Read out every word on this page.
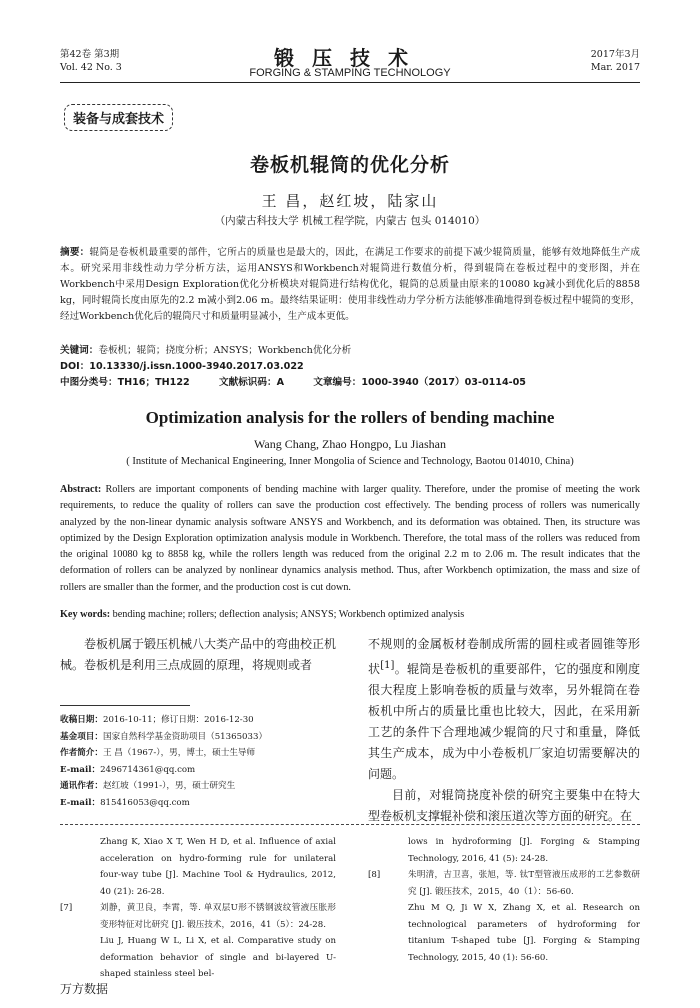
第42卷 第3期
Vol. 42 No. 3	锻压技术
FORGING & STAMPING TECHNOLOGY
2017年3月
Mar. 2017
装备与成套技术
卷板机辊筒的优化分析
王 昌，赵红坡，陆家山
（内蒙古科技大学 机械工程学院，内蒙古 包头 014010）
摘要：辊筒是卷板机最重要的部件，它所占的质量也是最大的，因此，在满足工作要求的前提下减少辊筒质量，能够有效地降低生产成本。研究采用非线性动力学分析方法，运用ANSYS和Workbench对辊筒进行数值分析，得到辊筒在卷板过程中的变形图，并在Workbench中采用Design Exploration优化分析模块对辊筒进行结构优化，辊筒的总质量由原来的10080 kg减小到优化后的8858 kg，同时辊筒长度由原先的2.2 m减小到2.06 m。最终结果证明：使用非线性动力学分析方法能够准确地得到卷板过程中辊筒的变形，经过Workbench优化后的辊筒尺寸和质量明显减小，生产成本更低。
关键词：卷板机；辊筒；挠度分析；ANSYS；Workbench优化分析
DOI：10.13330/j.issn.1000-3940.2017.03.022
中图分类号：TH16；TH122	文献标识码：A	文章编号：1000-3940（2017）03-0114-05
Optimization analysis for the rollers of bending machine
Wang Chang, Zhao Hongpo, Lu Jiashan
( Institute of Mechanical Engineering, Inner Mongolia of Science and Technology, Baotou 014010, China)
Abstract: Rollers are important components of bending machine with larger quality. Therefore, under the promise of meeting the work requirements, to reduce the quality of rollers can save the production cost effectively. The bending process of rollers was numerically analyzed by the non-linear dynamic analysis software ANSYS and Workbench, and its deformation was obtained. Then, its structure was optimized by the Design Exploration optimization analysis module in Workbench. Therefore, the total mass of the rollers was reduced from the original 10080 kg to 8858 kg, while the rollers length was reduced from the original 2.2 m to 2.06 m. The result indicates that the deformation of rollers can be analyzed by nonlinear dynamics analysis method. Thus, after Workbench optimization, the mass and size of rollers are smaller than the former, and the production cost is cut down.
Key words: bending machine; rollers; deflection analysis; ANSYS; Workbench optimized analysis

卷板机属于锻压机械八大类产品中的弯曲校正机械。卷板机是利用三点成圆的原理，将规则或者

收稿日期：2016-10-11；修订日期：2016-12-30
基金项目：国家自然科学基金资助项目（51365033）
作者简介：王 昌（1967-），男，博士，硕士生导师
E-mail：2496714361@qq.com
通讯作者：赵红坡（1991-），男，硕士研究生
E-mail：815416053@qq.com

不规则的金属板材卷制成所需的圆柱或者圆锥等形状[1]。辊筒是卷板机的重要部件，它的强度和刚度很大程度上影响卷板的质量与效率，另外辊筒在卷板机中所占的质量比重也比较大，因此，在采用新工艺的条件下合理地减少辊筒的尺寸和重量，降低其生产成本，成为中小卷板机厂家迫切需要解决的问题。

目前，对辊筒挠度补偿的研究主要集中在特大型卷板机支撑辊补偿和滚压道次等方面的研究。在

Zhang K, Xiao X T, Wen H D, et al. Influence of axial acceleration on hydro-forming rule for unilateral four-way tube [J]. Machine Tool & Hydraulics, 2012, 40 (21): 26-28.
[7]	刘静，黄卫良，李霄，等. 单双层U形不锈钢波纹管液压胀形变形特征对比研究 [J]. 锻压技术，2016，41（5）：24-28.
Liu J, Huang W L, Li X, et al. Comparative study on deformation behavior of single and bi-layered U-shaped stainless steel bel-
lows in hydroforming [J]. Forging & Stamping Technology, 2016, 41 (5): 24-28.
[8]	朱明清，吉卫喜，张旭，等. 钛T型管液压成形的工艺参数研究 [J]. 锻压技术，2015，40（1）：56-60.
Zhu M Q, Ji W X, Zhang X, et al. Research on technological parameters of hydroforming for titanium T-shaped tube [J]. Forging & Stamping Technology, 2015, 40 (1): 56-60.
万方数据
